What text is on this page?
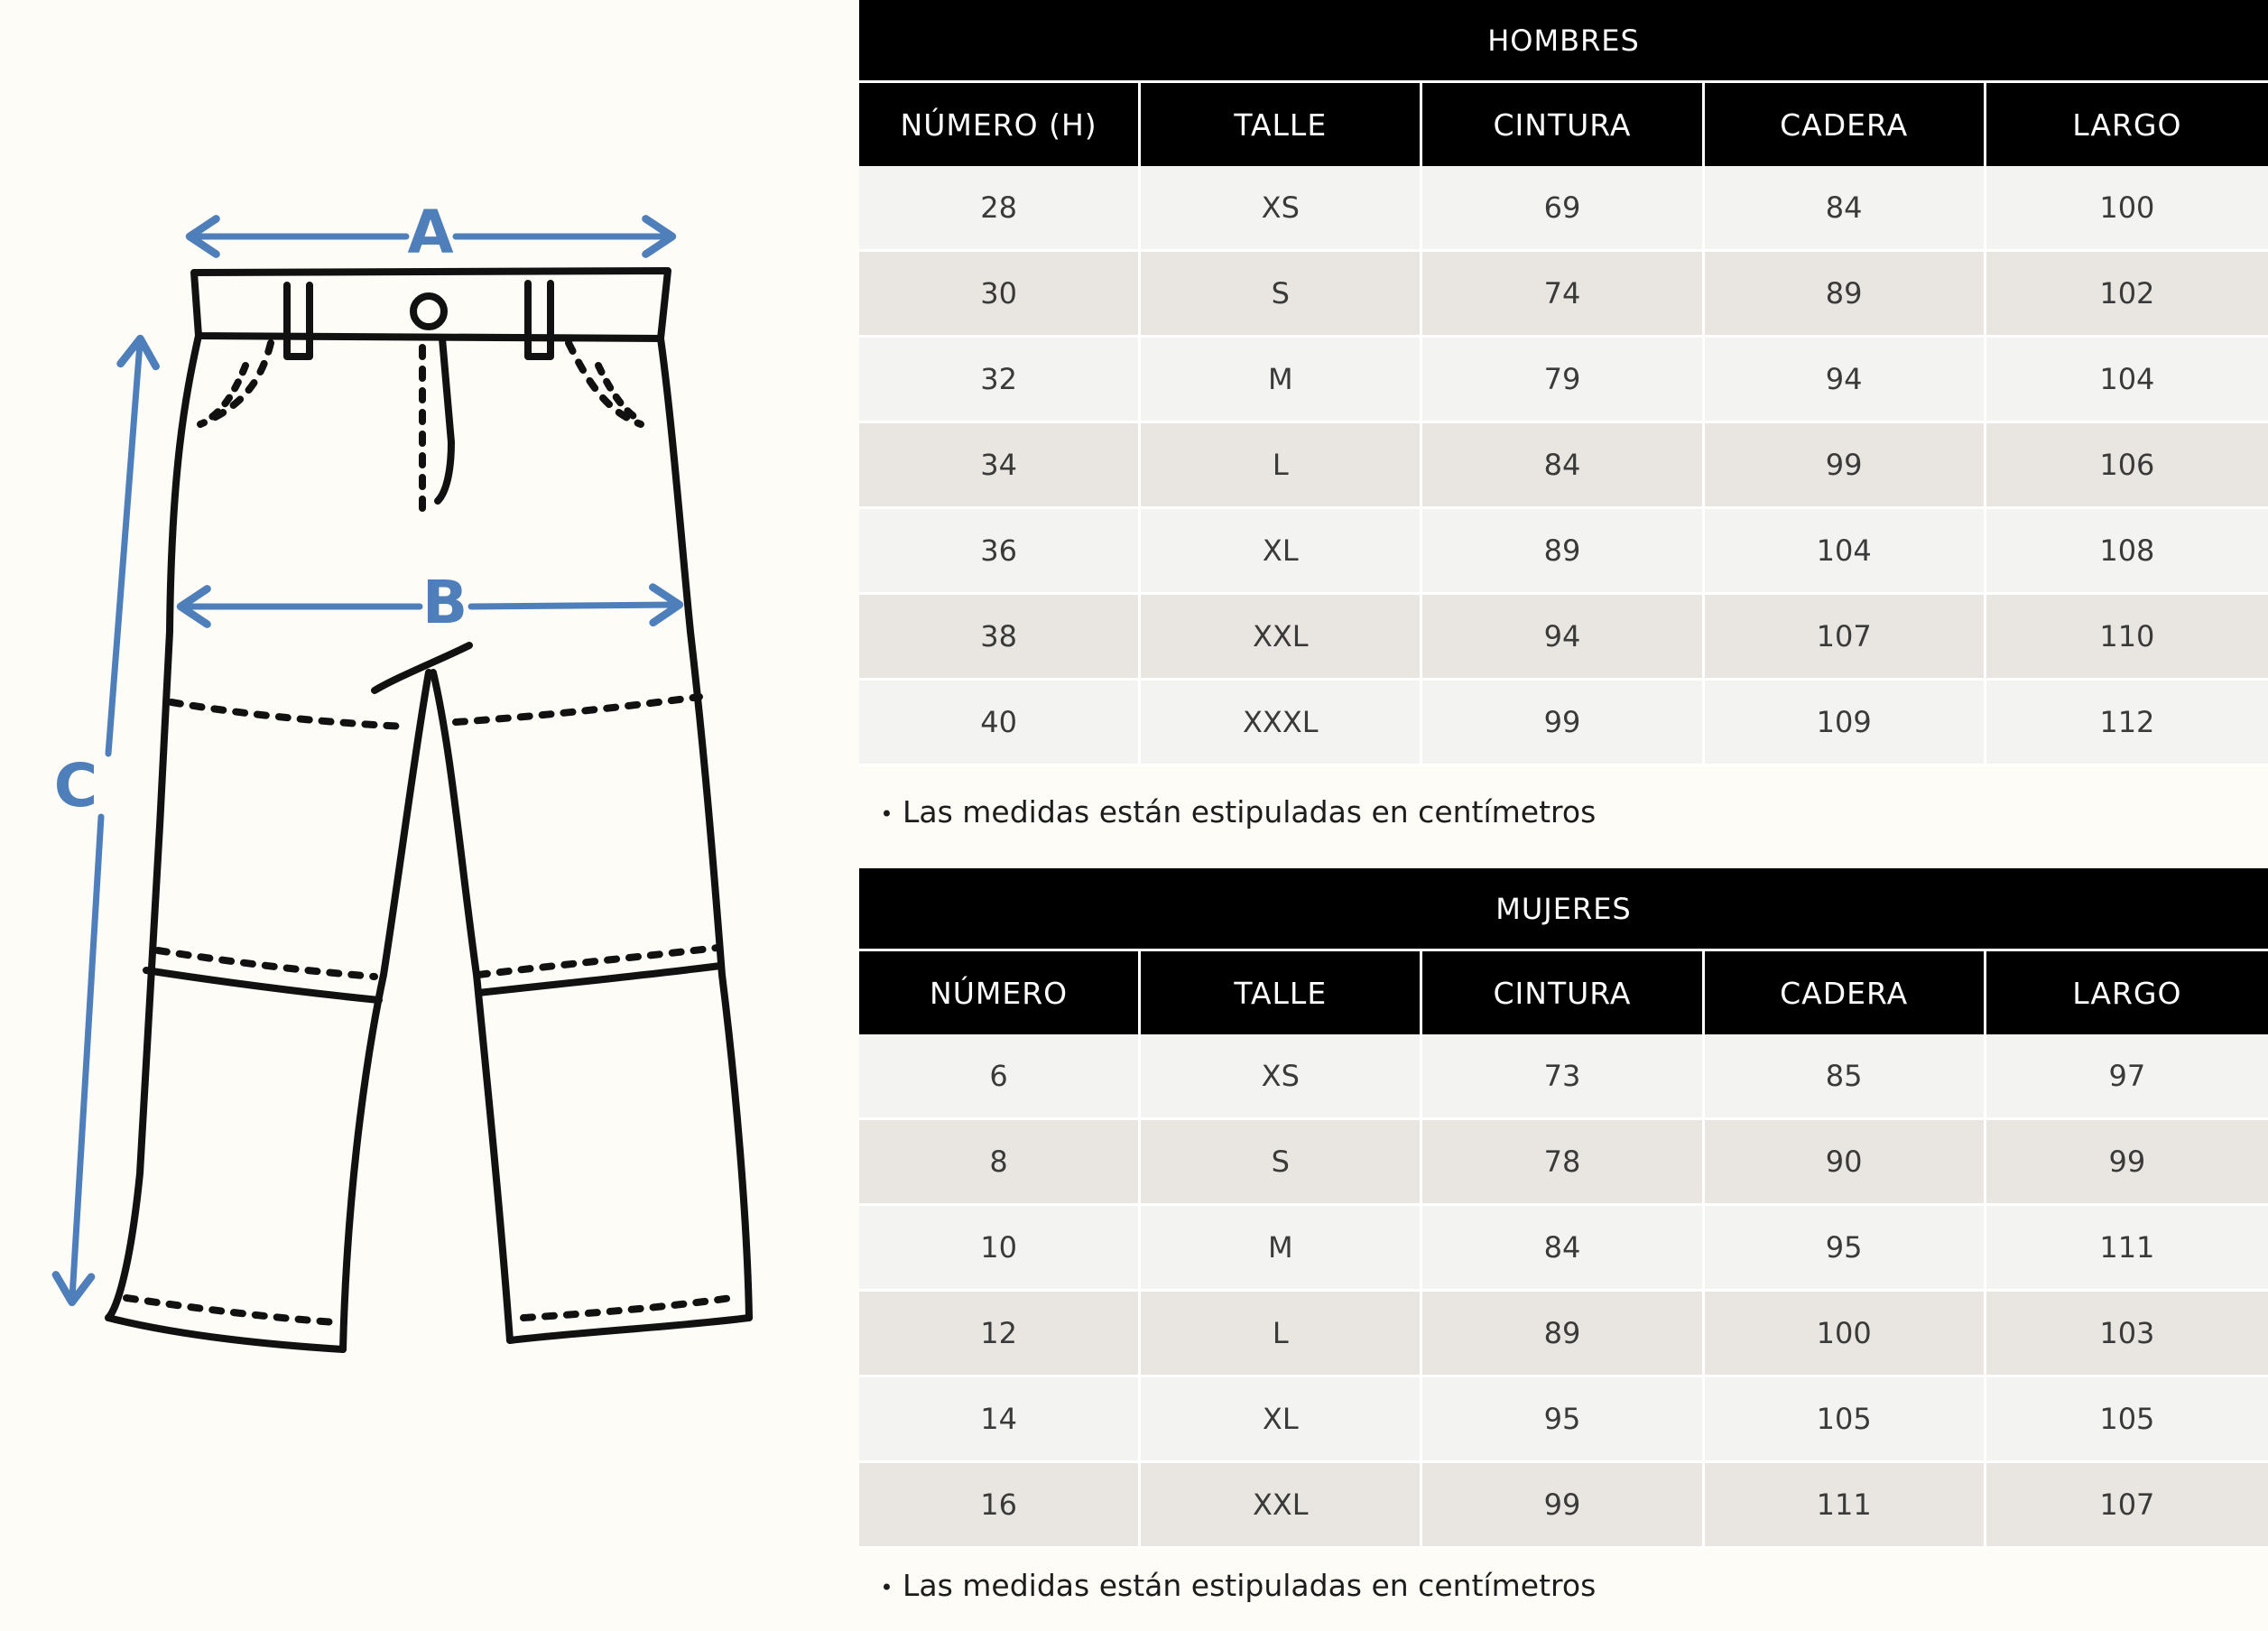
A
B
C
HOMBRES				
NÚMERO (H)	TALLE	CINTURA	CADERA	LARGO
28	XS	69	84	100
30	S	74	89	102
32	M	79	94	104
34	L	84	99	106
36	XL	89	104	108
38	XXL	94	107	110
40	XXXL	99	109	112
• Las medidas están estipuladas en centímetros
MUJERES				
NÚMERO	TALLE	CINTURA	CADERA	LARGO
6	XS	73	85	97
8	S	78	90	99
10	M	84	95	111
12	L	89	100	103
14	XL	95	105	105
16	XXL	99	111	107
• Las medidas están estipuladas en centímetros
